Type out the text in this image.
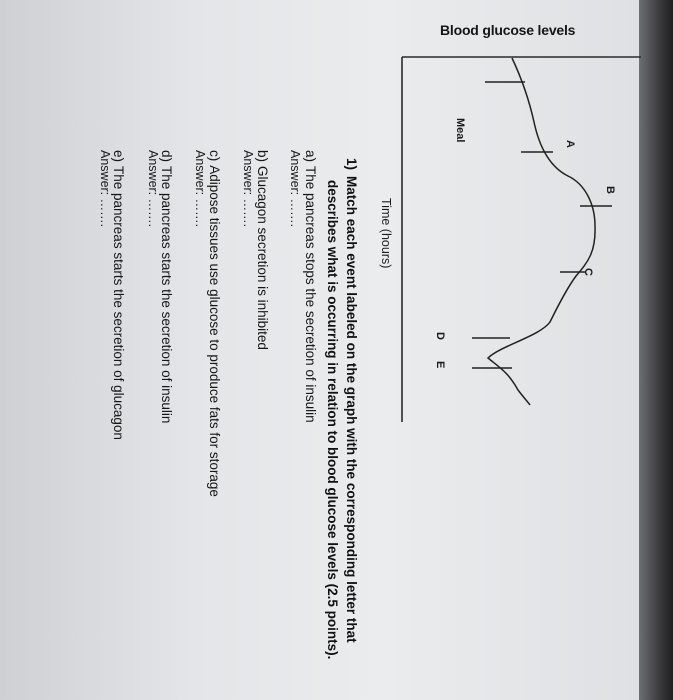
Blood glucose levels
Meal
A
B
C
D
E
Time (hours)
1)Match each event labeled on the graph with the corresponding letter that
describes what is occurring in relation to blood glucose levels (2.5 points).
a)The pancreas stops the secretion of insulin
Answer: …….
b)Glucagon secretion is inhibited
Answer: …….
c)Adipose tissues use glucose to produce fats for storage
Answer: …….
d)The pancreas starts the secretion of insulin
Answer: …….
e)The pancreas starts the secretion of glucagon
Answer: …….
